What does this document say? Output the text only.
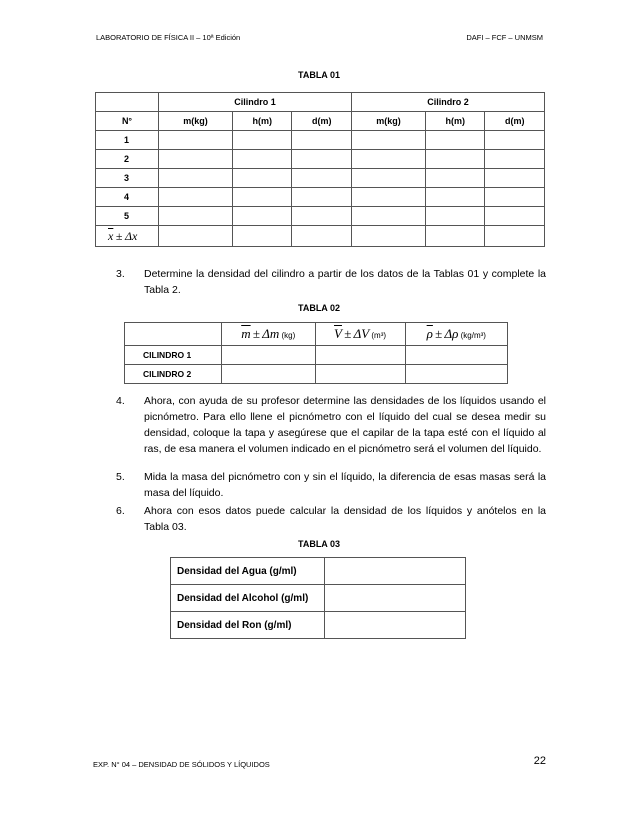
LABORATORIO DE FÍSICA II – 10ª Edición	DAFI – FCF – UNMSM
TABLA 01
	Cilindro 1			Cilindro 2		
N°	m(kg)	h(m)	d(m)	m(kg)	h(m)	d(m)
1						
2						
3						
4						
5						
$\overline{x} \pm \Delta x$						
3. Determine la densidad del cilindro a partir de los datos de la Tablas 01 y complete la Tabla 2.
TABLA 02
	$\overline{m} \pm \Delta m$ (kg)	$\overline{V} \pm \Delta V$ (m³)	$\overline{\rho} \pm \Delta\rho$ (kg/m³)
CILINDRO 1			
CILINDRO 2			
4. Ahora, con ayuda de su profesor determine las densidades de los líquidos usando el picnómetro. Para ello llene el picnómetro con el líquido del cual se desea medir su densidad, coloque la tapa y asegúrese que el capilar de la tapa esté con el líquido al ras, de esa manera el volumen indicado en el picnómetro será el volumen del líquido.
5. Mida la masa del picnómetro con y sin el líquido, la diferencia de esas masas será la masa del líquido.
6. Ahora con esos datos puede calcular la densidad de los líquidos y anótelos en la Tabla 03.
TABLA 03
Densidad del Agua (g/ml)	
Densidad del Alcohol (g/ml)	
Densidad del Ron (g/ml)	
EXP. N° 04 – DENSIDAD DE SÓLIDOS Y LÍQUIDOS	22
